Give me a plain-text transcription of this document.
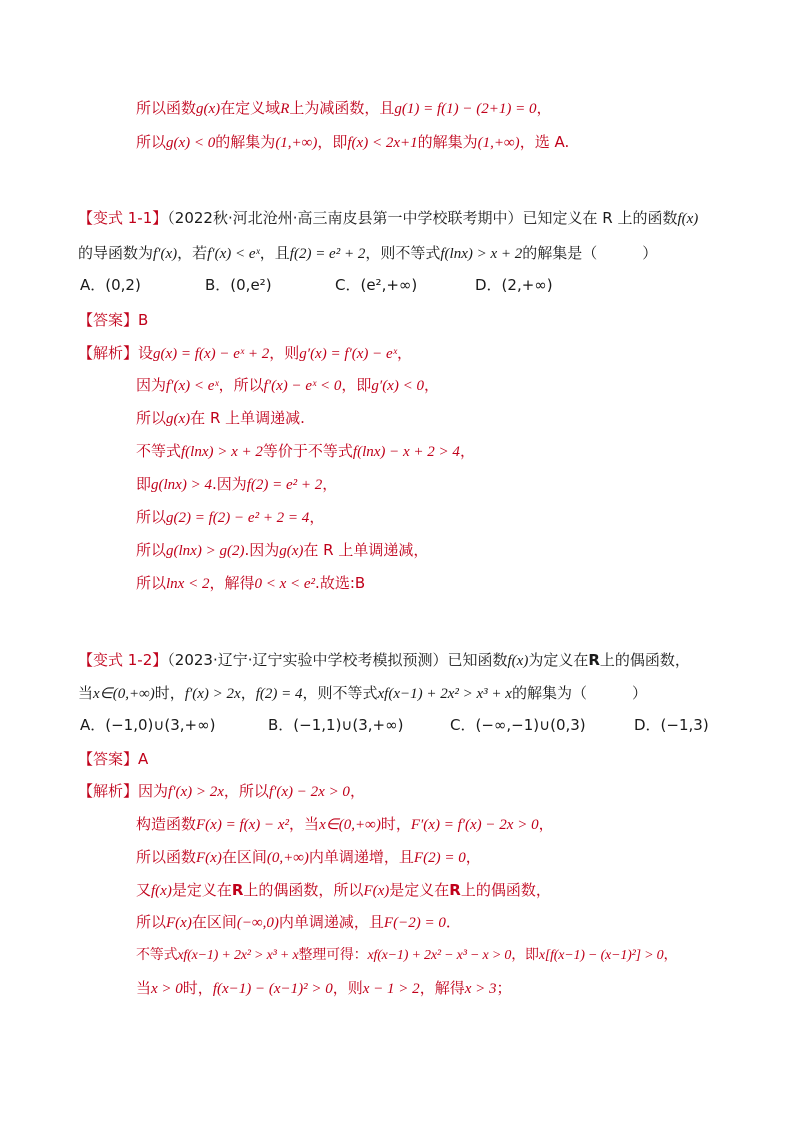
所以函数g(x)在定义域R上为减函数，且g(1) = f(1) − (2+1) = 0，
所以g(x) < 0的解集为(1,+∞)，即f(x) < 2x+1的解集为(1,+∞)，选 A.
【变式 1-1】（2022秋·河北沧州·高三南皮县第一中学校联考期中）已知定义在 R 上的函数f(x)
的导函数为f′(x)，若f′(x) < eˣ，且f(2) = e² + 2，则不等式f(lnx) > x + 2的解集是（　　　）
A．(0,2)	B．(0,e²)	C．(e²,+∞)	D．(2,+∞)
【答案】B
【解析】设g(x) = f(x) − eˣ + 2，则g′(x) = f′(x) − eˣ，
因为f′(x) < eˣ，所以f′(x) − eˣ < 0，即g′(x) < 0，
所以g(x)在 R 上单调递减.
不等式f(lnx) > x + 2等价于不等式f(lnx) − x + 2 > 4，
即g(lnx) > 4.因为f(2) = e² + 2，
所以g(2) = f(2) − e² + 2 = 4，
所以g(lnx) > g(2).因为g(x)在 R 上单调递减，
所以lnx < 2，解得0 < x < e².故选:B
【变式 1-2】（2023·辽宁·辽宁实验中学校考模拟预测）已知函数f(x)为定义在R上的偶函数，
当x∈(0,+∞)时，f′(x) > 2x，f(2) = 4，则不等式xf(x−1) + 2x² > x³ + x的解集为（　　　）
A．(−1,0)∪(3,+∞)	B．(−1,1)∪(3,+∞)	C．(−∞,−1)∪(0,3)	D．(−1,3)
【答案】A
【解析】因为f′(x) > 2x，所以f′(x) − 2x > 0，
构造函数F(x) = f(x) − x²，当x∈(0,+∞)时，F′(x) = f′(x) − 2x > 0，
所以函数F(x)在区间(0,+∞)内单调递增，且F(2) = 0，
又f(x)是定义在R上的偶函数，所以F(x)是定义在R上的偶函数，
所以F(x)在区间(−∞,0)内单调递减，且F(−2) = 0．
不等式xf(x−1) + 2x² > x³ + x整理可得：xf(x−1) + 2x² − x³ − x > 0，即x[f(x−1) − (x−1)²] > 0，
当x > 0时，f(x−1) − (x−1)² > 0，则x − 1 > 2，解得x > 3；
